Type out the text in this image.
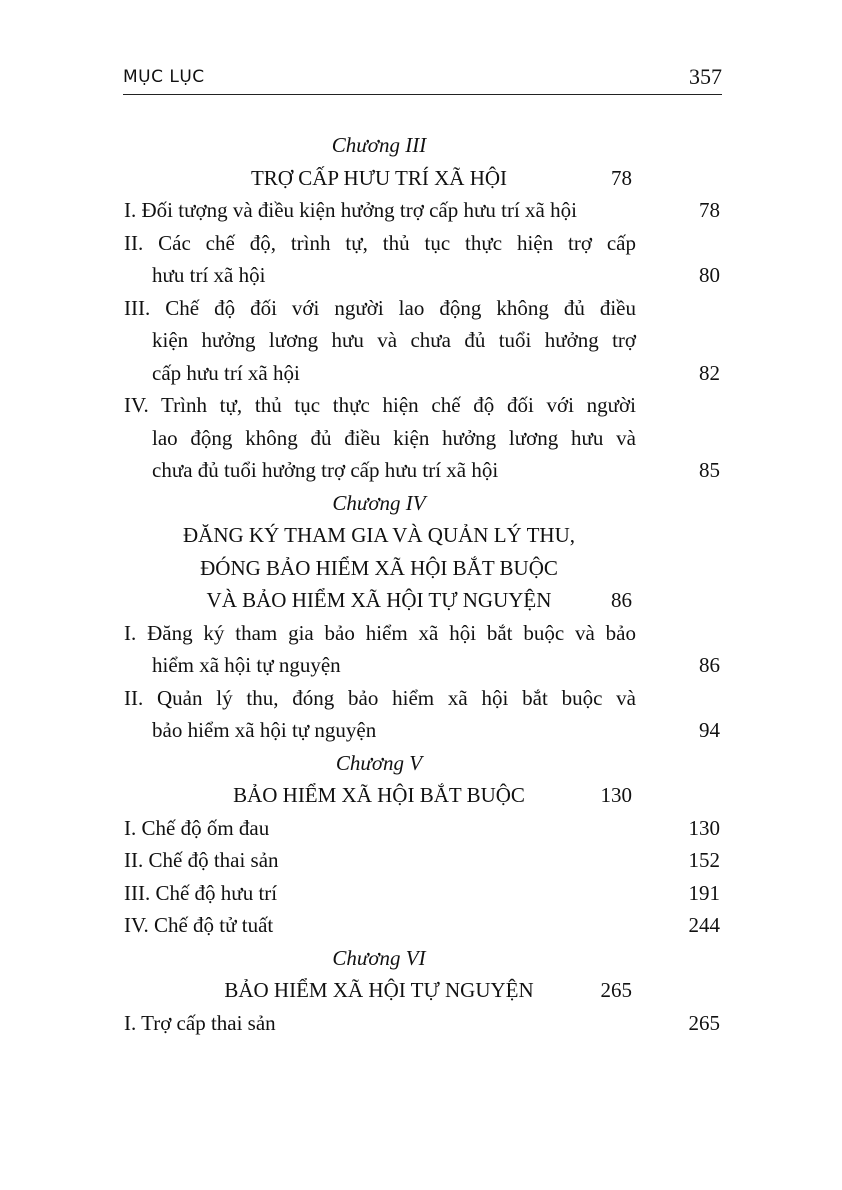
MỤC LỤC	357
Chương III
TRỢ CẤP HƯU TRÍ XÃ HỘI	78
I. Đối tượng và điều kiện hưởng trợ cấp hưu trí xã hội	78
II. Các chế độ, trình tự, thủ tục thực hiện trợ cấp
hưu trí xã hội	80
III. Chế độ đối với người lao động không đủ điều
kiện hưởng lương hưu và chưa đủ tuổi hưởng trợ
cấp hưu trí xã hội	82
IV. Trình tự, thủ tục thực hiện chế độ đối với người
lao động không đủ điều kiện hưởng lương hưu và
chưa đủ tuổi hưởng trợ cấp hưu trí xã hội	85
Chương IV
ĐĂNG KÝ THAM GIA VÀ QUẢN LÝ THU,
ĐÓNG BẢO HIỂM XÃ HỘI BẮT BUỘC
VÀ BẢO HIỂM XÃ HỘI TỰ NGUYỆN	86
I. Đăng ký tham gia bảo hiểm xã hội bắt buộc và bảo
hiểm xã hội tự nguyện	86
II. Quản lý thu, đóng bảo hiểm xã hội bắt buộc và
bảo hiểm xã hội tự nguyện	94
Chương V
BẢO HIỂM XÃ HỘI BẮT BUỘC	130
I. Chế độ ốm đau	130
II. Chế độ thai sản	152
III. Chế độ hưu trí	191
IV. Chế độ tử tuất	244
Chương VI
BẢO HIỂM XÃ HỘI TỰ NGUYỆN	265
I. Trợ cấp thai sản	265
